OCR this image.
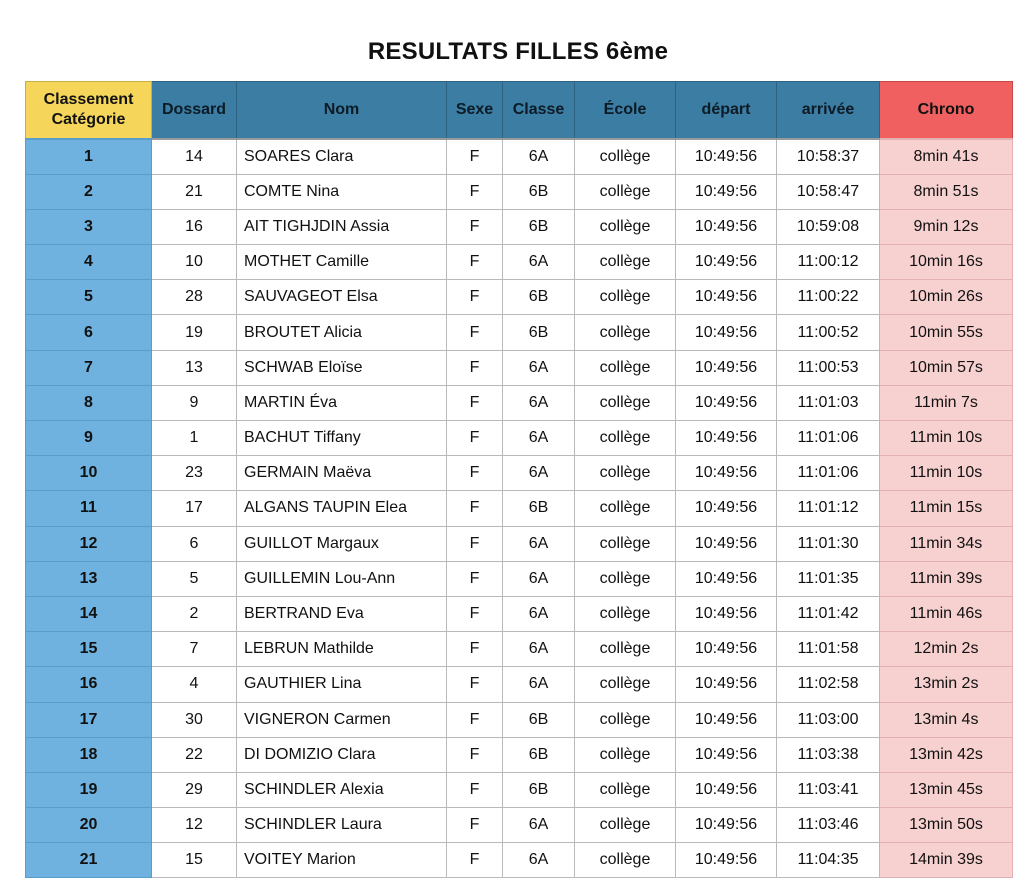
RESULTATS FILLES 6ème
Classement
Catégorie	Dossard	Nom	Sexe	Classe	École	départ	arrivée	Chrono
1	14	SOARES Clara	F	6A	collège	10:49:56	10:58:37	8min 41s
2	21	COMTE Nina	F	6B	collège	10:49:56	10:58:47	8min 51s
3	16	AIT TIGHJDIN Assia	F	6B	collège	10:49:56	10:59:08	9min 12s
4	10	MOTHET Camille	F	6A	collège	10:49:56	11:00:12	10min 16s
5	28	SAUVAGEOT Elsa	F	6B	collège	10:49:56	11:00:22	10min 26s
6	19	BROUTET Alicia	F	6B	collège	10:49:56	11:00:52	10min 55s
7	13	SCHWAB Eloïse	F	6A	collège	10:49:56	11:00:53	10min 57s
8	9	MARTIN Éva	F	6A	collège	10:49:56	11:01:03	11min 7s
9	1	BACHUT Tiffany	F	6A	collège	10:49:56	11:01:06	11min 10s
10	23	GERMAIN Maëva	F	6A	collège	10:49:56	11:01:06	11min 10s
11	17	ALGANS TAUPIN Elea	F	6B	collège	10:49:56	11:01:12	11min 15s
12	6	GUILLOT Margaux	F	6A	collège	10:49:56	11:01:30	11min 34s
13	5	GUILLEMIN Lou-Ann	F	6A	collège	10:49:56	11:01:35	11min 39s
14	2	BERTRAND Eva	F	6A	collège	10:49:56	11:01:42	11min 46s
15	7	LEBRUN Mathilde	F	6A	collège	10:49:56	11:01:58	12min 2s
16	4	GAUTHIER Lina	F	6A	collège	10:49:56	11:02:58	13min 2s
17	30	VIGNERON Carmen	F	6B	collège	10:49:56	11:03:00	13min 4s
18	22	DI DOMIZIO Clara	F	6B	collège	10:49:56	11:03:38	13min 42s
19	29	SCHINDLER Alexia	F	6B	collège	10:49:56	11:03:41	13min 45s
20	12	SCHINDLER Laura	F	6A	collège	10:49:56	11:03:46	13min 50s
21	15	VOITEY Marion	F	6A	collège	10:49:56	11:04:35	14min 39s
